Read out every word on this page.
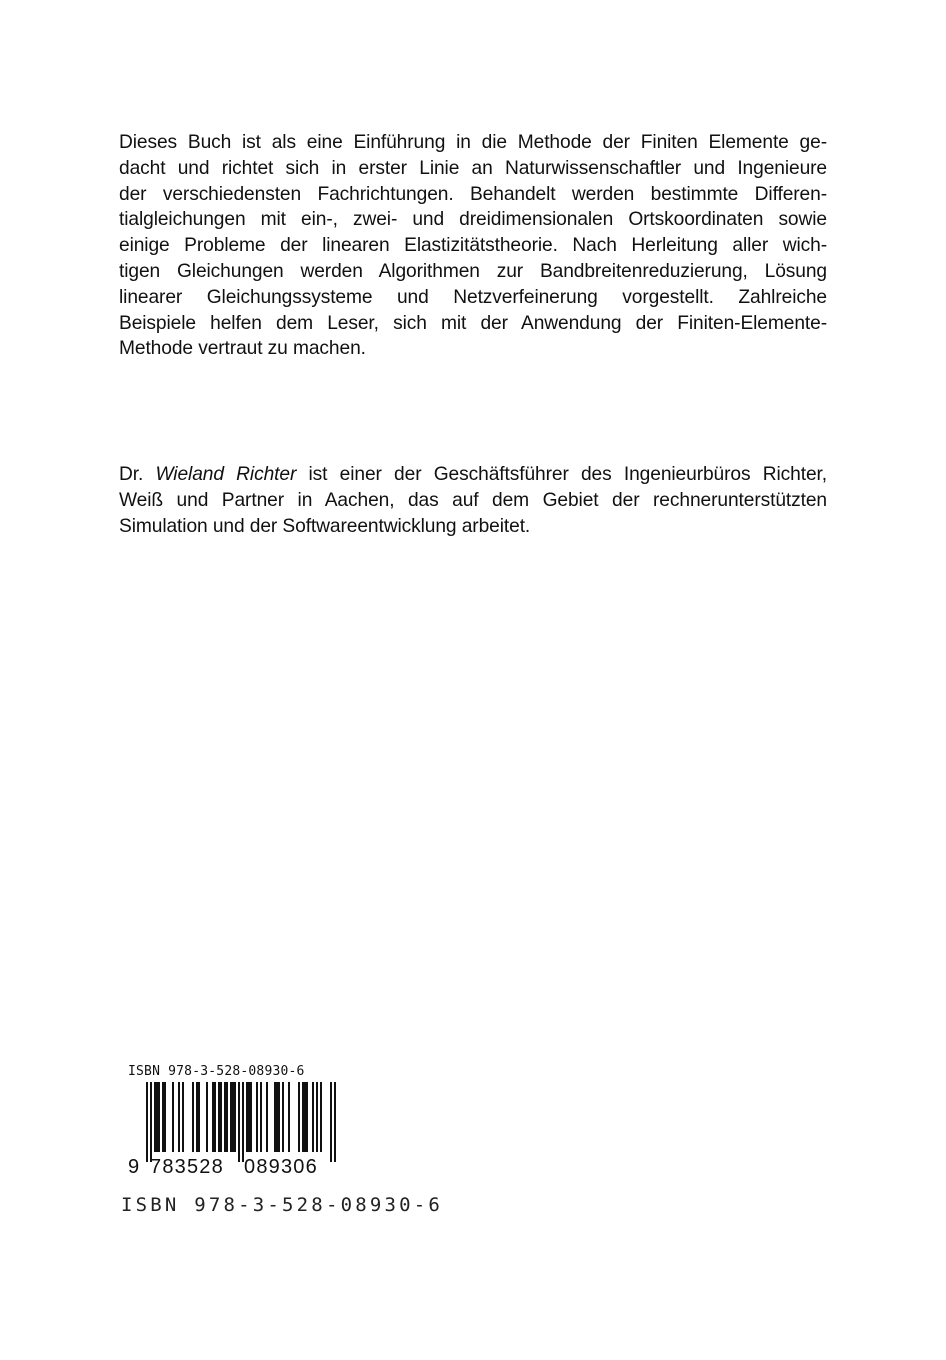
Dieses Buch ist als eine Einführung in die Methode der Finiten Elemente ge-
dacht und richtet sich in erster Linie an Naturwissenschaftler und Ingenieure
der verschiedensten Fachrichtungen. Behandelt werden bestimmte Differen-
tialgleichungen mit ein-, zwei- und dreidimensionalen Ortskoordinaten sowie
einige Probleme der linearen Elastizitätstheorie. Nach Herleitung aller wich-
tigen Gleichungen werden Algorithmen zur Bandbreitenreduzierung, Lösung
linearer Gleichungssysteme und Netzverfeinerung vorgestellt. Zahlreiche
Beispiele helfen dem Leser, sich mit der Anwendung der Finiten-Elemente-
Methode vertraut zu machen.
Dr. Wieland Richter ist einer der Geschäftsführer des Ingenieurbüros Richter,
Weiß und Partner in Aachen, das auf dem Gebiet der rechnerunterstützten
Simulation und der Softwareentwicklung arbeitet.
ISBN 978-3-528-08930-6
9 783528 089306
ISBN 978-3-528-08930-6
